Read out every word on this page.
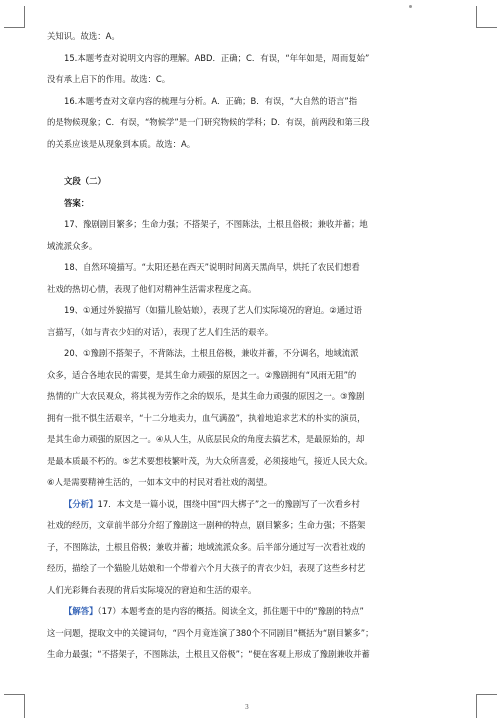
关知识。故选：A。

15.本题考查对说明文内容的理解。ABD．正确；C．有误，“年年如是，周而复始”

没有承上启下的作用。故选：C。

16.本题考查对文章内容的梳理与分析。A．正确；B．有误，“大自然的语言”指

的是物候现象；C．有误，“物候学”是一门研究物候的学科；D．有误，前两段和第三段

的关系应该是从现象到本质。故选：A。

文段（二）

答案：

17、豫剧剧目繁多；生命力强；不搭架子，不图陈法，土根且俗极；兼收并蓄；地

域流派众多。

18、自然环境描写。“太阳还悬在西天”说明时间离天黑尚早，烘托了农民们想看

社戏的热切心情，表现了他们对精神生活需求程度之高。

19、①通过外貌描写（如猫儿脸姑娘），表现了艺人们实际境况的窘迫。②通过语

言描写，（如与青衣少妇的对话），表现了艺人们生活的艰辛。

20、①豫剧不搭架子，不背陈法，土根且俗极，兼收并蓄，不分调名，地域流派

众多，适合各地农民的需要，是其生命力顽强的原因之一。②豫剧拥有“风雨无阻”的

热情的广大农民观众，将其视为劳作之余的娱乐，是其生命力顽强的原因之一。③豫剧

拥有一批不惧生活艰辛，“十二分地卖力，血气满盈”，执着地追求艺术的朴实的演员，

是其生命力顽强的原因之一。④从人生，从底层民众的角度去搞艺术，是最原始的，却

是最本质最不朽的。⑤艺术要想枝繁叶茂，为大众所喜爱，必须接地气，接近人民大众。

⑥人是需要精神生活的，一如本文中的村民对看社戏的渴望。

【分析】17．本文是一篇小说，围绕中国“四大梆子”之一的豫剧写了一次看乡村

社戏的经历，文章前半部分介绍了豫剧这一剧种的特点，剧目繁多；生命力强；不搭架

子，不图陈法，土根且俗极；兼收并蓄；地域流派众多。后半部分通过写一次看社戏的

经历，描绘了一个猫脸儿姑娘和一个带着六个月大孩子的青衣少妇，表现了这些乡村艺

人们光彩舞台表现的背后实际境况的窘迫和生活的艰辛。

【解答】（17）本题考查的是内容的概括。阅读全文，抓住题干中的“豫剧的特点”

这一问题，提取文中的关键词句，“四个月竟连演了380个不同剧目”概括为“剧目繁多”；

生命力最强；“不搭架子，不图陈法，土根且又俗极”；“便在客观上形成了豫剧兼收并蓄

3
